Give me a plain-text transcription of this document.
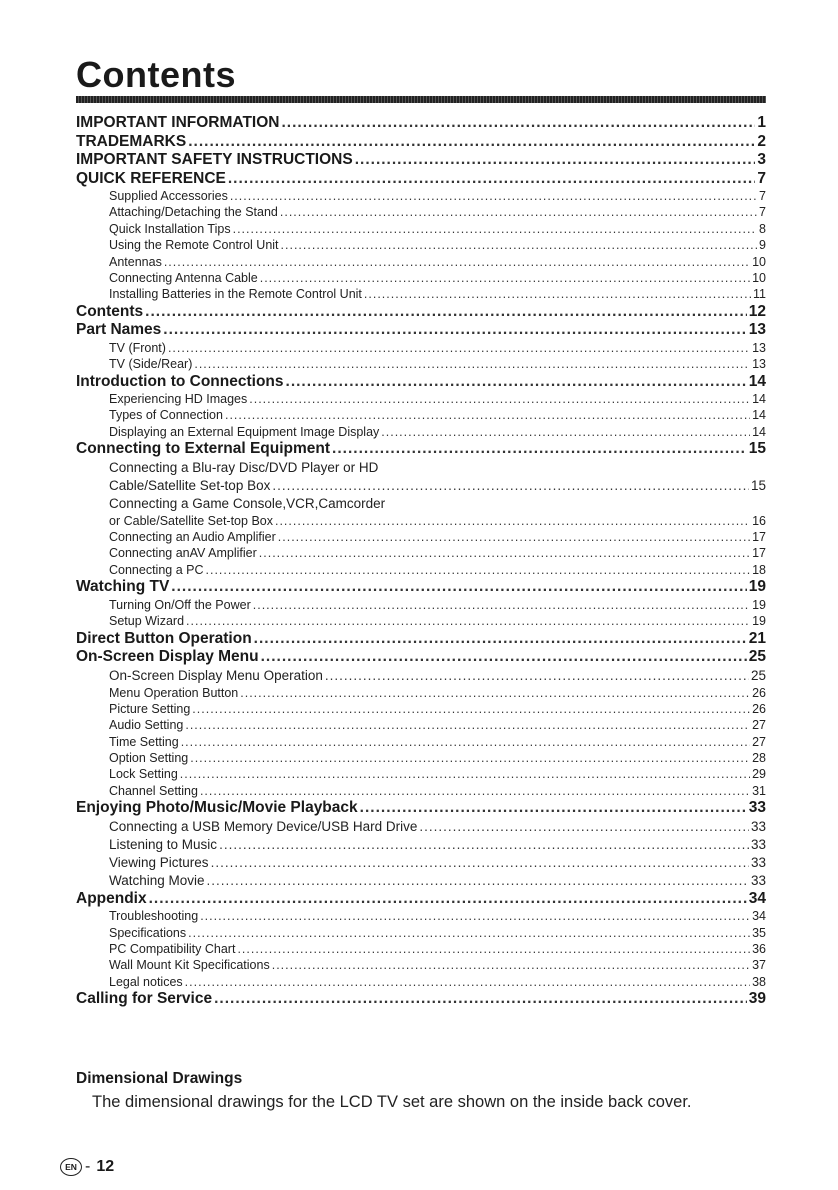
Contents
IMPORTANT INFORMATION .....	1
TRADEMARKS .....	2
IMPORTANT SAFETY INSTRUCTIONS .....	3
QUICK REFERENCE .....	7
Supplied Accessories .....	7
Attaching/Detaching the Stand .....	7
Quick Installation Tips .....	8
Using the Remote Control Unit .....	9
Antennas .....	10
Connecting Antenna Cable .....	10
Installing Batteries in the Remote Control Unit .....	11
Contents .....	12
Part Names .....	13
TV (Front) .....	13
TV (Side/Rear) .....	13
Introduction to Connections .....	14
Experiencing HD Images .....	14
Types of Connection .....	14
Displaying an External Equipment Image Display .....	14
Connecting to External Equipment .....	15
Connecting a Blu-ray Disc/DVD Player or HD
Cable/Satellite Set-top Box .....	15
Connecting a Game Console,VCR,Camcorder
or Cable/Satellite Set-top Box .....	16
Connecting an Audio Amplifier .....	17
Connecting anAV Amplifier .....	17
Connecting a PC .....	18
Watching TV .....	19
Turning On/Off the Power .....	19
Setup Wizard .....	19
Direct Button Operation .....	21
On-Screen Display Menu .....	25
On-Screen Display Menu Operation .....	25
Menu Operation Button .....	26
Picture Setting .....	26
Audio Setting .....	27
Time Setting .....	27
Option Setting .....	28
Lock Setting .....	29
Channel Setting .....	31
Enjoying Photo/Music/Movie Playback .....	33
Connecting a USB Memory Device/USB Hard Drive .....	33
Listening to Music .....	33
Viewing Pictures .....	33
Watching Movie .....	33
Appendix .....	34
Troubleshooting .....	34
Specifications .....	35
PC Compatibility Chart .....	36
Wall Mount Kit Specifications .....	37
Legal notices .....	38
Calling for Service .....	39
Dimensional Drawings

The dimensional drawings for the LCD TV set are shown on the inside back cover.

EN - 12
